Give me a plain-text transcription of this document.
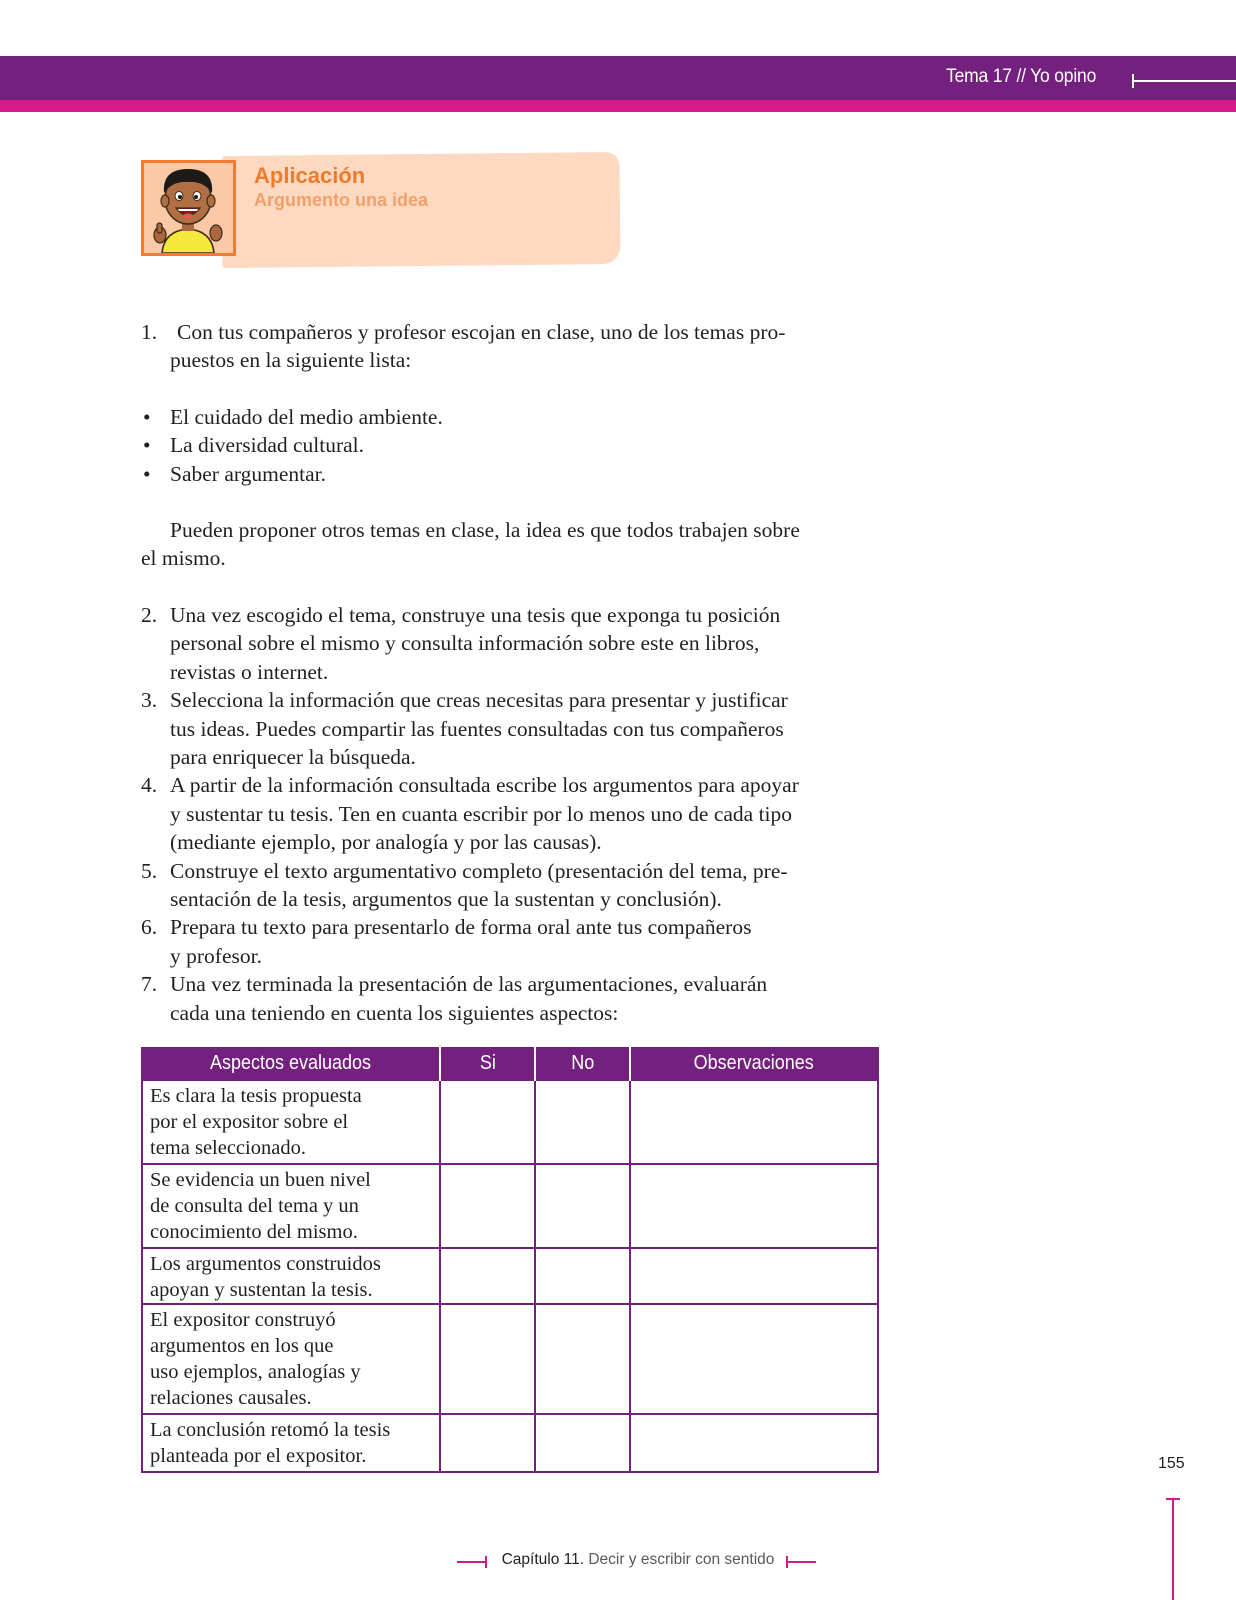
Tema 17 // Yo opino
Aplicación
Argumento una idea
1. Con tus compañeros y profesor escojan en clase, uno de los temas pro-
puestos en la siguiente lista:
• El cuidado del medio ambiente.
• La diversidad cultural.
• Saber argumentar.
Pueden proponer otros temas en clase, la idea es que todos trabajen sobre
el mismo.
2. Una vez escogido el tema, construye una tesis que exponga tu posición
personal sobre el mismo y consulta información sobre este en libros,
revistas o internet.
3. Selecciona la información que creas necesitas para presentar y justificar
tus ideas. Puedes compartir las fuentes consultadas con tus compañeros
para enriquecer la búsqueda.
4. A partir de la información consultada escribe los argumentos para apoyar
y sustentar tu tesis. Ten en cuanta escribir por lo menos uno de cada tipo
(mediante ejemplo, por analogía y por las causas).
5. Construye el texto argumentativo completo (presentación del tema, pre-
sentación de la tesis, argumentos que la sustentan y conclusión).
6. Prepara tu texto para presentarlo de forma oral ante tus compañeros
y profesor.
7. Una vez terminada la presentación de las argumentaciones, evaluarán
cada una teniendo en cuenta los siguientes aspectos:
Aspectos evaluados	Si	No	Observaciones

Es clara la tesis propuesta
por el expositor sobre el
tema seleccionado.			

Se evidencia un buen nivel
de consulta del tema y un
conocimiento del mismo.			

Los argumentos construidos
apoyan y sustentan la tesis.			

El expositor construyó
argumentos en los que
uso ejemplos, analogías y
relaciones causales.			

La conclusión retomó la tesis
planteada por el expositor.			
				155
Capítulo 11. Decir y escribir con sentido
